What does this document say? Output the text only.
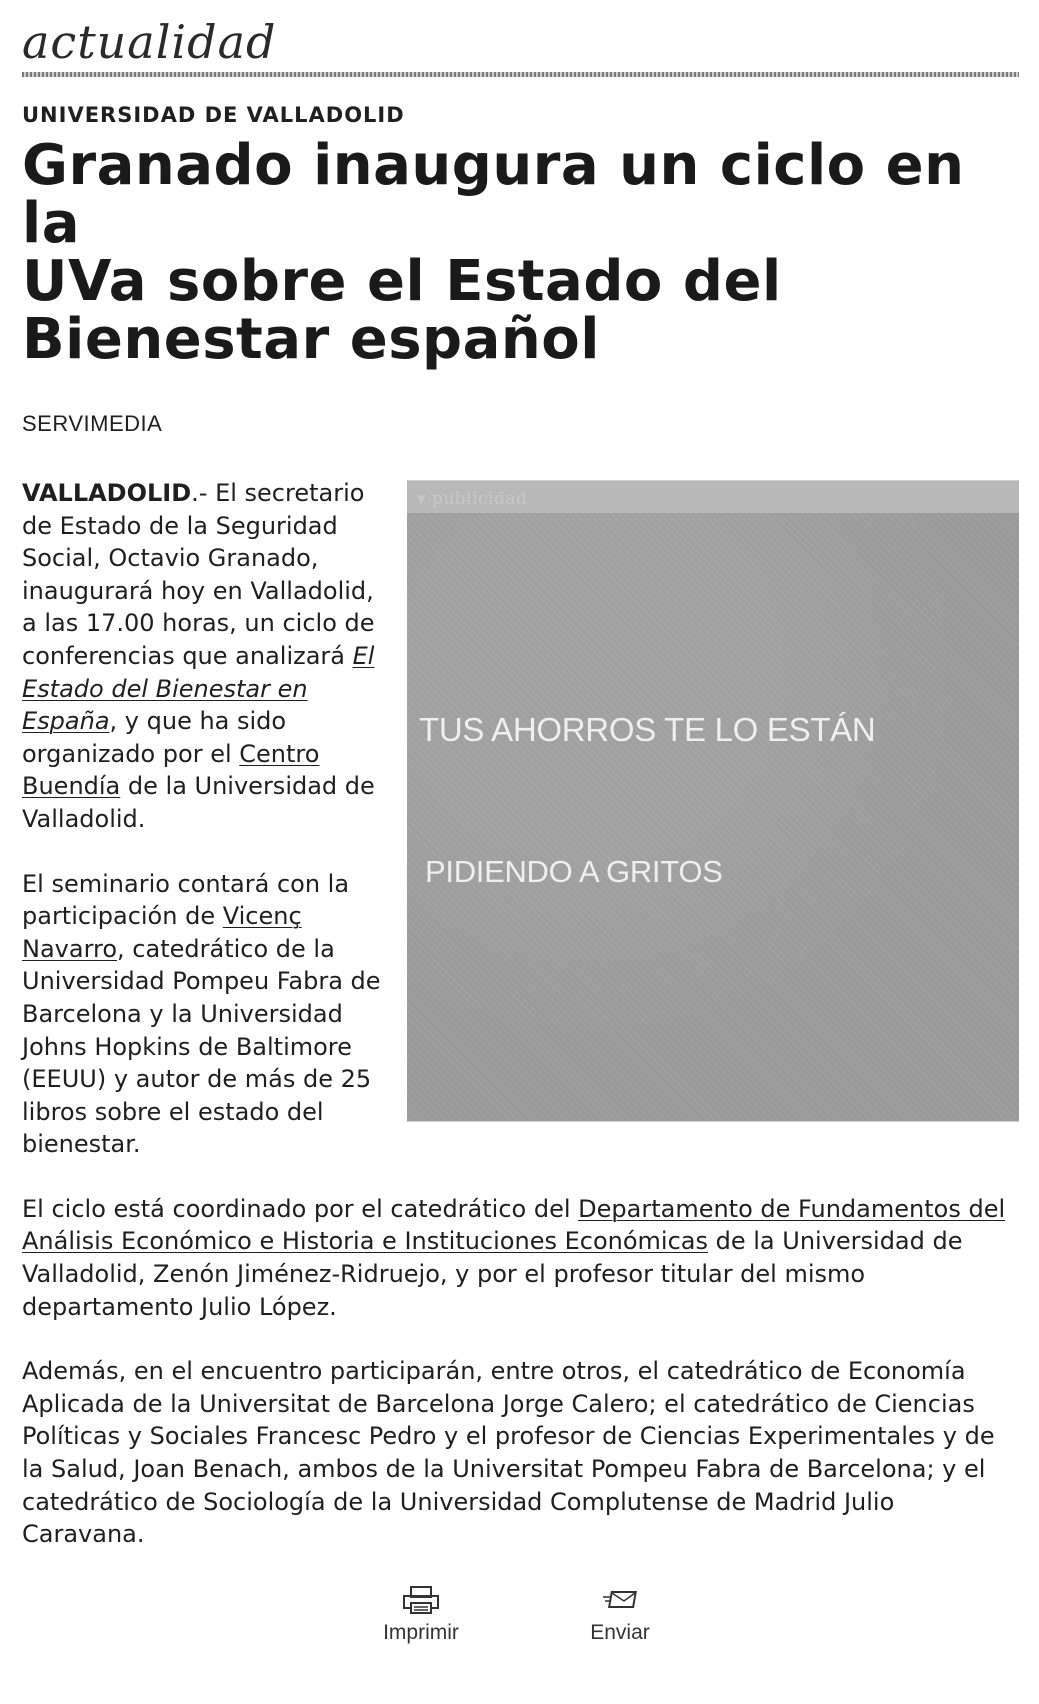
actualidad
UNIVERSIDAD DE VALLADOLID
Granado inaugura un ciclo en la
UVa sobre el Estado del
Bienestar español
SERVIMEDIA
▾ publicidad
TUS AHORROS TE LO ESTÁN
PIDIENDO A GRITOS

VALLADOLID.- El secretario de Estado de la Seguridad Social, Octavio Granado, inaugurará hoy en Valladolid, a las 17.00 horas, un ciclo de conferencias que analizará El Estado del Bienestar en España, y que ha sido organizado por el Centro Buendía de la Universidad de Valladolid.

El seminario contará con la participación de Vicenç Navarro, catedrático de la Universidad Pompeu Fabra de Barcelona y la Universidad Johns Hopkins de Baltimore (EEUU) y autor de más de 25 libros sobre el estado del bienestar.

El ciclo está coordinado por el catedrático del Departamento de Fundamentos del Análisis Económico e Historia e Instituciones Económicas de la Universidad de Valladolid, Zenón Jiménez-Ridruejo, y por el profesor titular del mismo departamento Julio López.

Además, en el encuentro participarán, entre otros, el catedrático de Economía Aplicada de la Universitat de Barcelona Jorge Calero; el catedrático de Ciencias Políticas y Sociales Francesc Pedro y el profesor de Ciencias Experimentales y de la Salud, Joan Benach, ambos de la Universitat Pompeu Fabra de Barcelona; y el catedrático de Sociología de la Universidad Complutense de Madrid Julio Caravana.

Imprimir	Enviar
